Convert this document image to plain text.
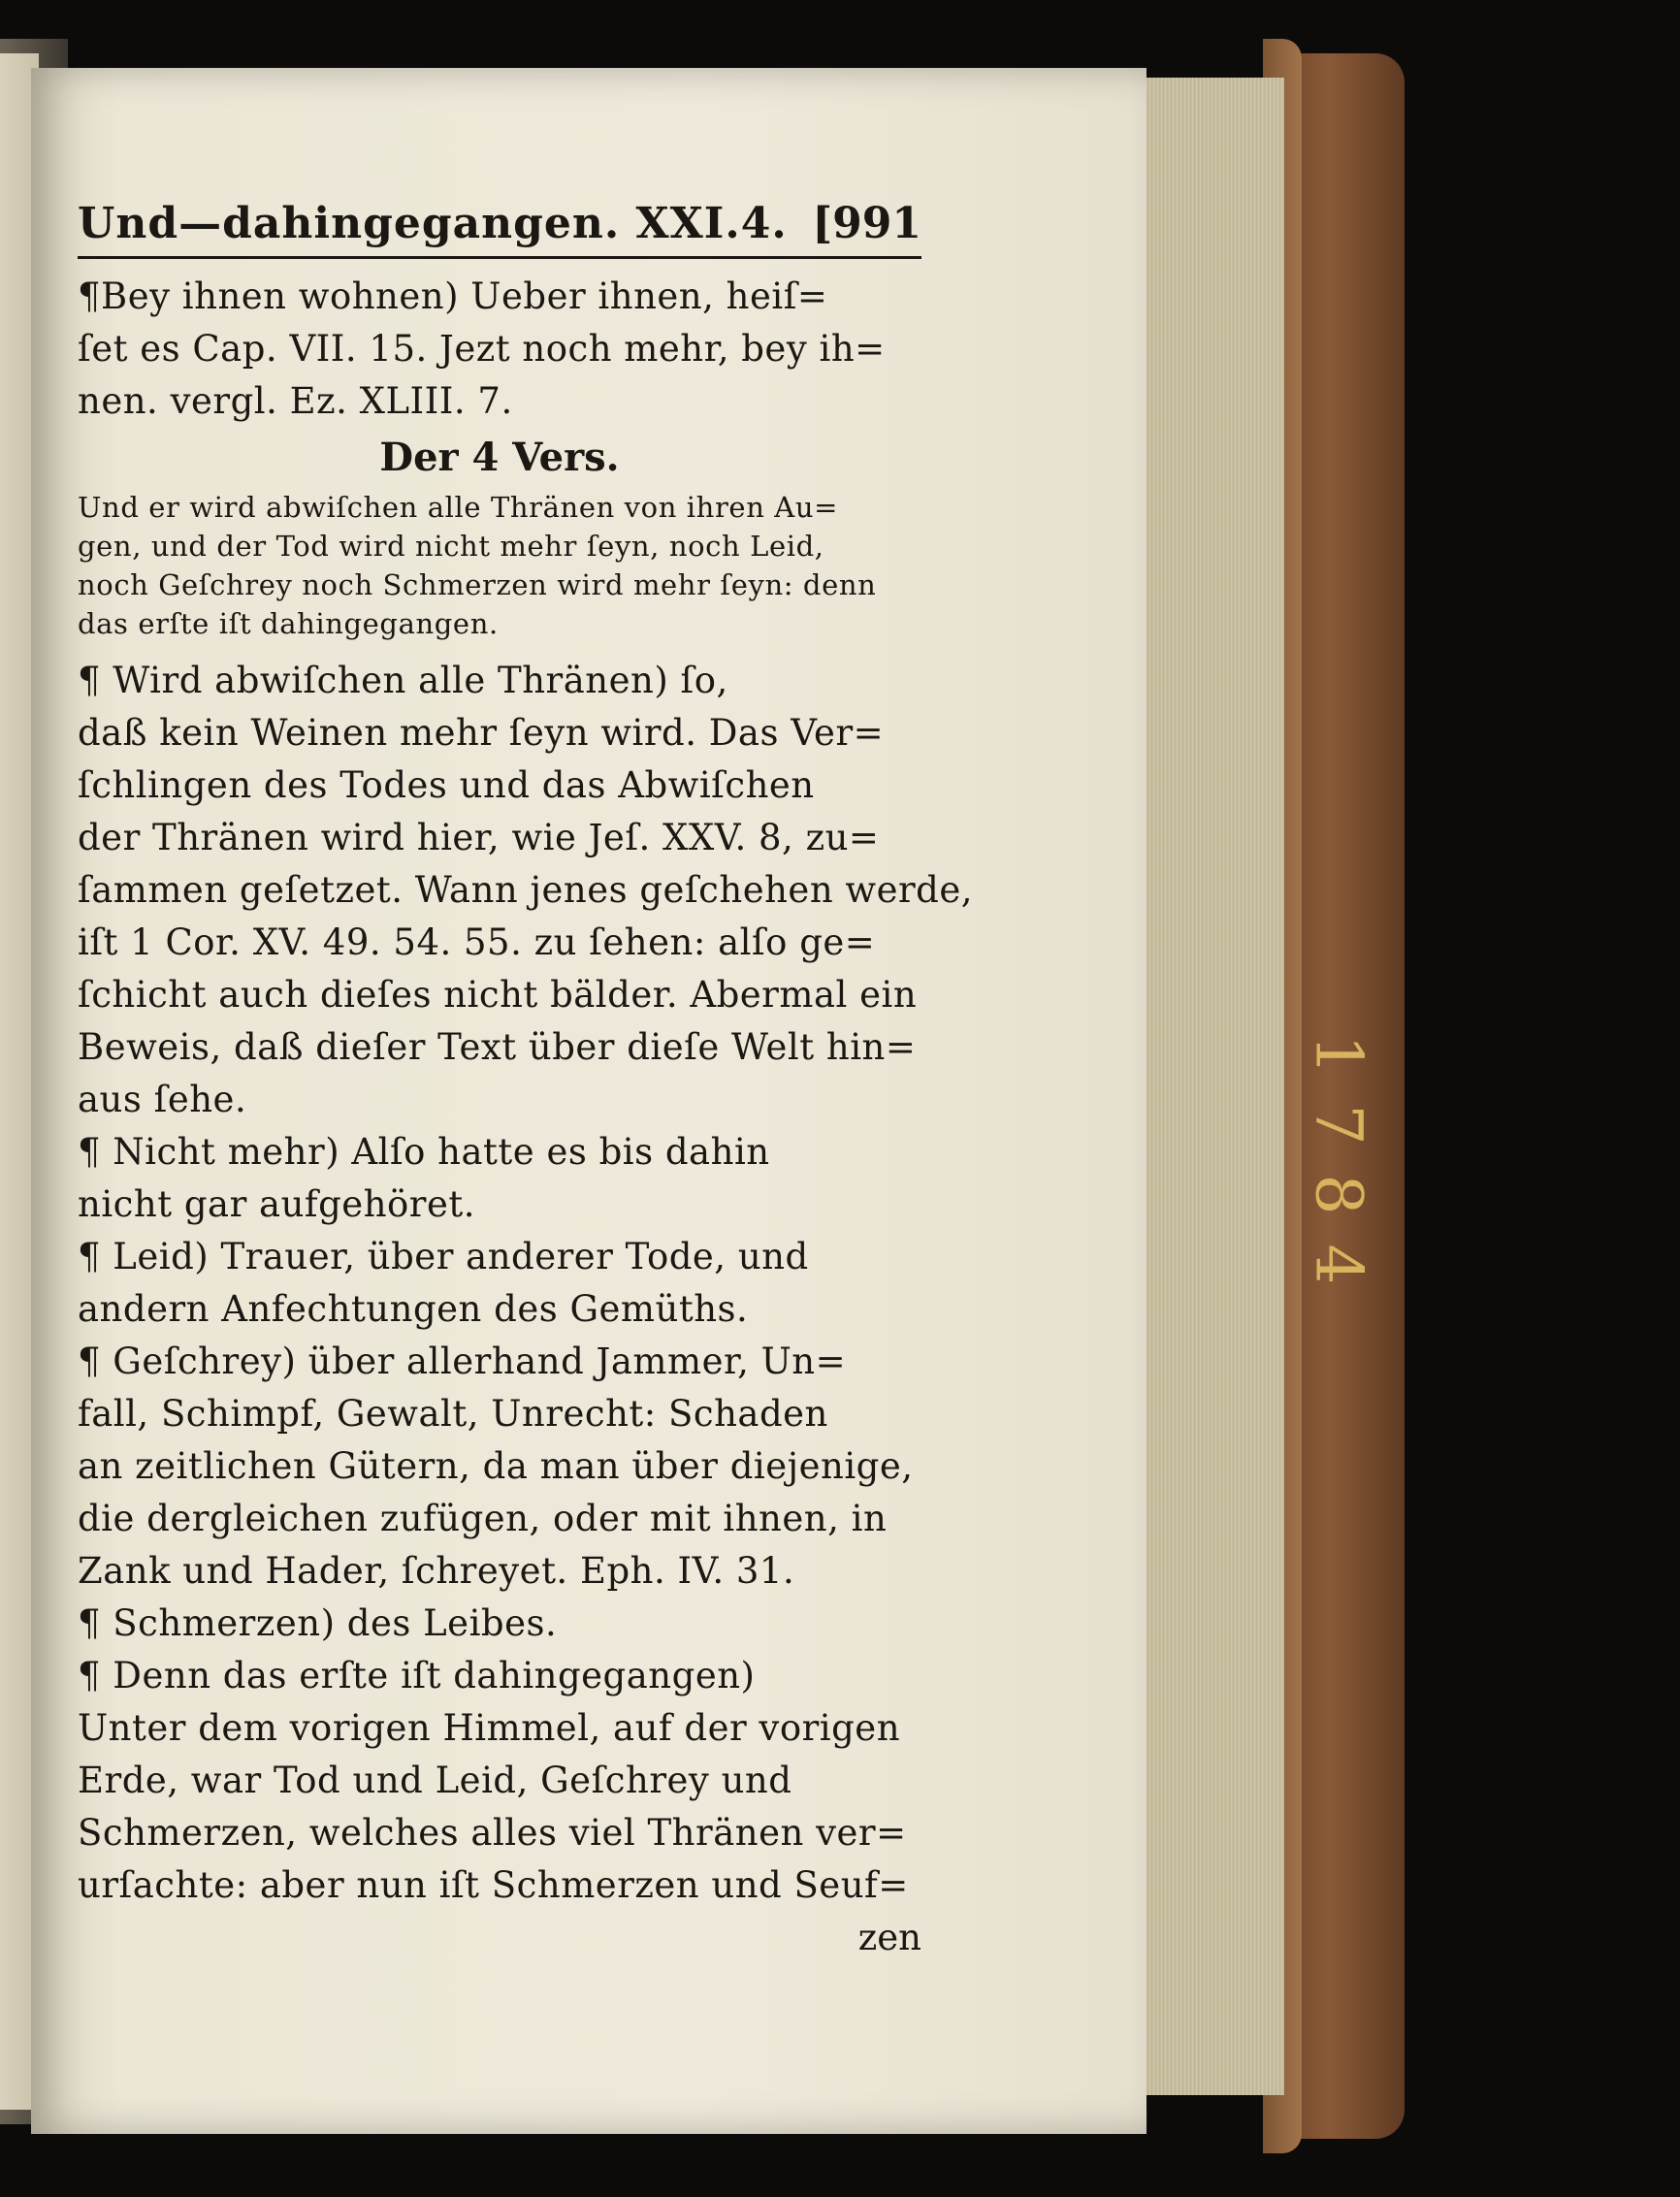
1784
Und—dahingegangen. XXI.4. [991
¶Bey ihnen wohnen) Ueber ihnen, heiſ=
ſet es Cap. VII. 15. Jezt noch mehr, bey ih=
nen. vergl. Ez. XLIII. 7.
Der 4 Vers.
Und er wird abwiſchen alle Thränen von ihren Au=
gen, und der Tod wird nicht mehr ſeyn, noch Leid,
noch Geſchrey noch Schmerzen wird mehr ſeyn: denn
das erſte iſt dahingegangen.
¶ Wird abwiſchen alle Thränen) ſo,
daß kein Weinen mehr ſeyn wird. Das Ver=
ſchlingen des Todes und das Abwiſchen
der Thränen wird hier, wie Jeſ. XXV. 8, zu=
ſammen geſetzet. Wann jenes geſchehen werde,
iſt 1 Cor. XV. 49. 54. 55. zu ſehen: alſo ge=
ſchicht auch dieſes nicht bälder. Abermal ein
Beweis, daß dieſer Text über dieſe Welt hin=
aus ſehe.
¶ Nicht mehr) Alſo hatte es bis dahin
nicht gar aufgehöret.
¶ Leid) Trauer, über anderer Tode, und
andern Anfechtungen des Gemüths.
¶ Geſchrey) über allerhand Jammer, Un=
fall, Schimpf, Gewalt, Unrecht: Schaden
an zeitlichen Gütern, da man über diejenige,
die dergleichen zufügen, oder mit ihnen, in
Zank und Hader, ſchreyet. Eph. IV. 31.
¶ Schmerzen) des Leibes.
¶ Denn das erſte iſt dahingegangen)
Unter dem vorigen Himmel, auf der vorigen
Erde, war Tod und Leid, Geſchrey und
Schmerzen, welches alles viel Thränen ver=
urſachte: aber nun iſt Schmerzen und Seuf=
zen
